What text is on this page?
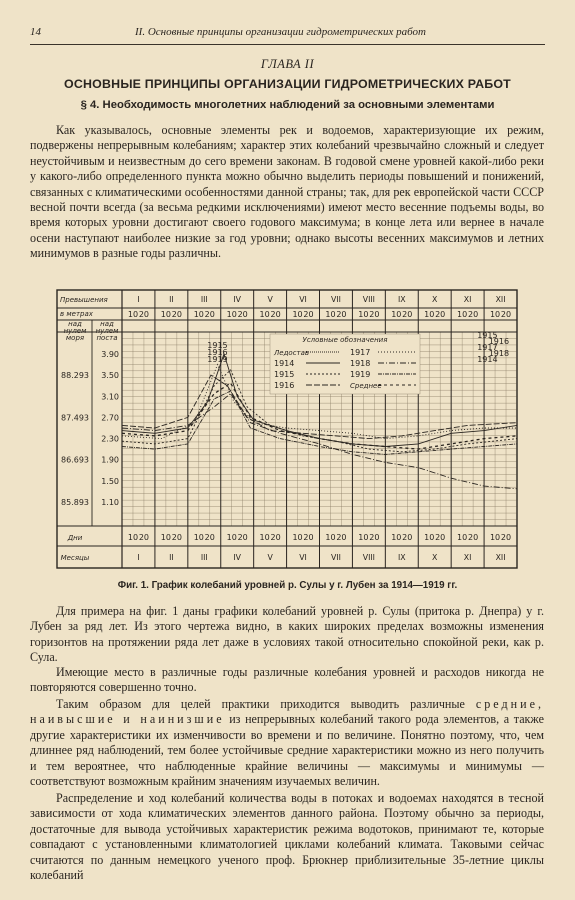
14	II. Основные принципы организации гидрометрических работ
ГЛАВА II
ОСНОВНЫЕ ПРИНЦИПЫ ОРГАНИЗАЦИИ ГИДРОМЕТРИЧЕСКИХ РАБОТ
§ 4. Необходимость многолетних наблюдений за основными элементами

Как указывалось, основные элементы рек и водоемов, характеризующие их режим, подвержены непрерывным колебаниям; характер этих колебаний чрезвычайно сложный и следует неустойчивым и неизвестным до сего времени законам. В годовой смене уровней какой-либо реки у какого-либо определенного пункта можно обычно выделить периоды повышений и понижений, связанных с климатическими особенностями данной страны; так, для рек европейской части СССР весной почти всегда (за весьма редкими исключениями) имеют место весенние подъемы воды, во время которых уровни достигают своего годового максимума; в конце лета или вернее в начале осени наступают наиболее низкие за год уровни; однако высоты весенних максимумов и летних минимумов в разные годы различны.

Превышения
в метрах
над
нулем
моря
над
нулем
поста
I
I
10
10
20
20
II
II
10
10
20
20
III
III
10
10
20
20
IV
IV
10
10
20
20
V
V
10
10
20
20
VI
VI
10
10
20
20
VII
VII
10
10
20
20
VIII
VIII
10
10
20
20
IX
IX
10
10
20
20
X
X
10
10
20
20
XI
XI
10
10
20
20
XII
XII
10
10
20
20
Дни
Месяцы
3.90
3.50
3.10
2.70
2.30
1.90
1.50
1.10
88.293
87.493
86.693
85.893
1915
1916
1919
1915
1916
1917
1918
1914
Условные обозначения
Ледостав
1914
1915
1916
1917
1918
1919
Среднее
Фиг. 1. График колебаний уровней р. Сулы у г. Лубен за 1914—1919 гг.

Для примера на фиг. 1 даны графики колебаний уровней р. Сулы (притока р. Днепра) у г. Лубен за ряд лет. Из этого чертежа видно, в каких широких пределах возможны изменения горизонтов на протяжении ряда лет даже в условиях такой относительно спокойной реки, как р. Сула.

Имеющие место в различные годы различные колебания уровней и расходов никогда не повторяются совершенно точно.

Таким образом для целей практики приходится выводить различные средние, наивысшие и наинизшие из непрерывных колебаний такого рода элементов, а также другие характеристики их изменчивости во времени и по величине. Понятно поэтому, что, чем длиннее ряд наблюдений, тем более устойчивые средние характеристики можно из него получить и тем вероятнее, что наблюденные крайние величины — максимумы и минимумы — соответствуют возможным крайним значениям изучаемых величин.

Распределение и ход колебаний количества воды в потоках и водоемах находятся в тесной зависимости от хода климатических элементов данного района. Поэтому обычно за периоды, достаточные для вывода устойчивых характеристик режима водотоков, принимают те, которые совпадают с установленными климатологией циклами колебаний климата. Таковыми сейчас считаются по данным немецкого ученого проф. Брюкнер приблизительные 35-летние циклы колебаний
